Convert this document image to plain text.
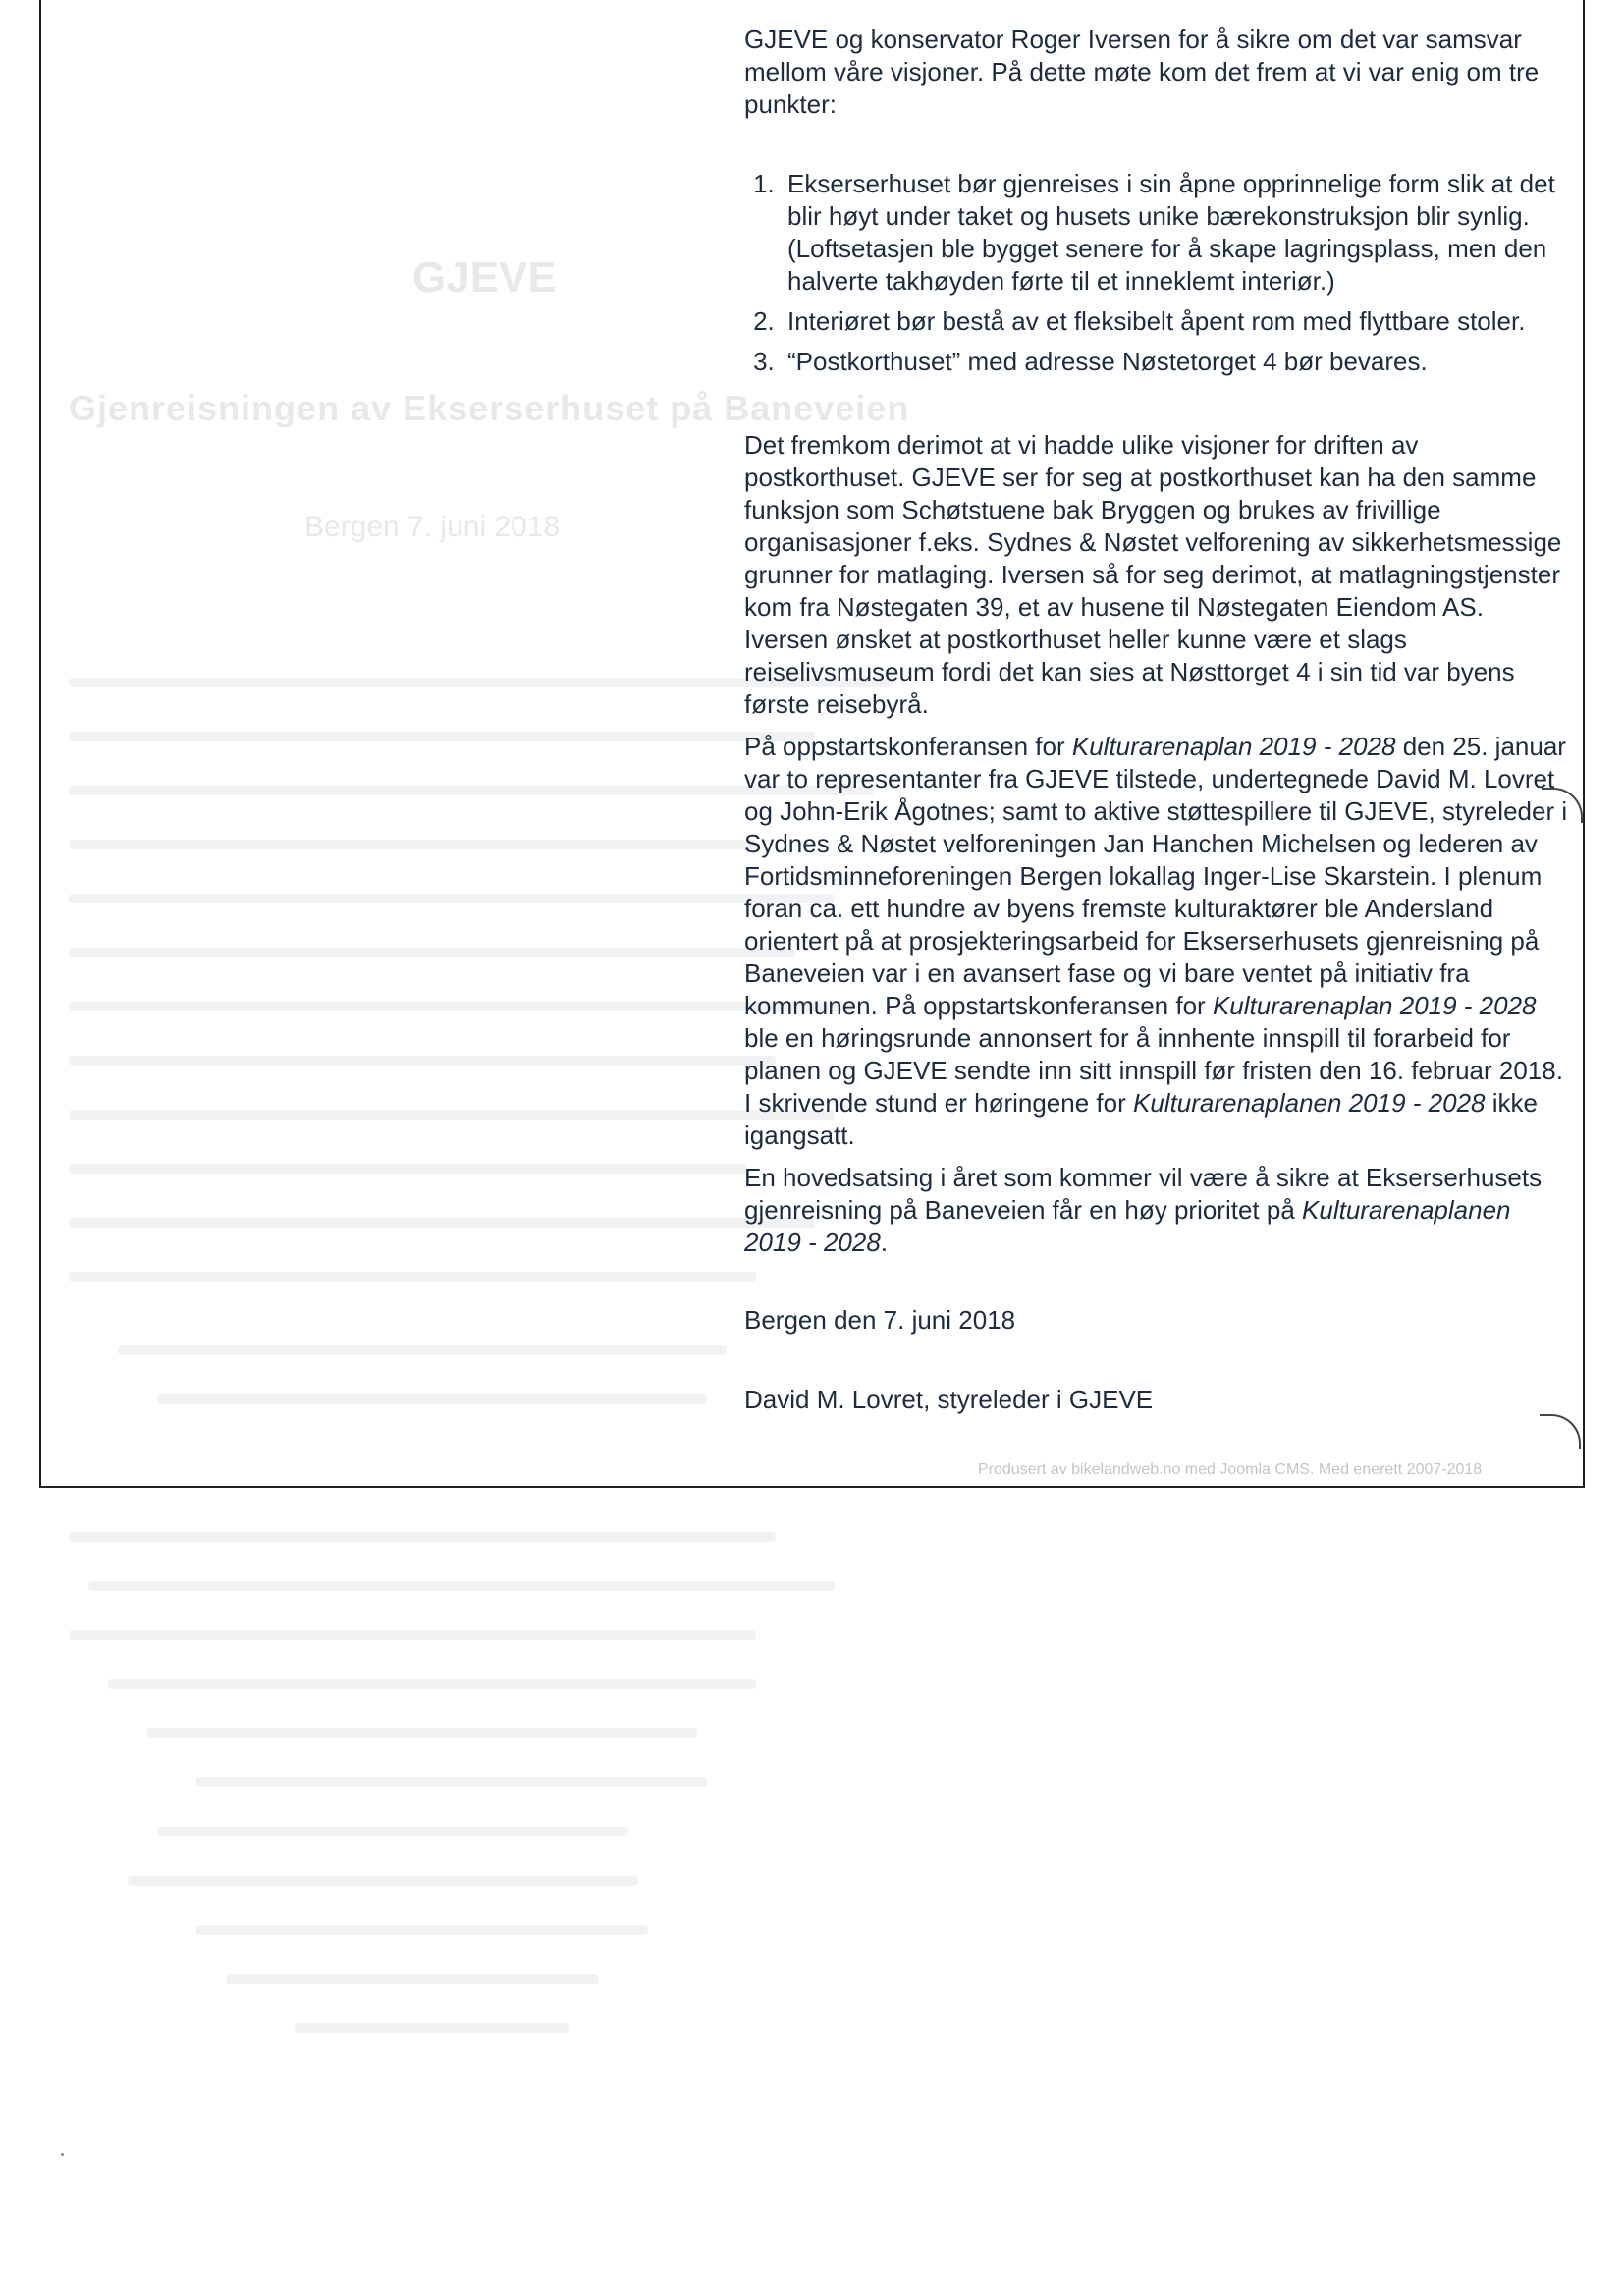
GJEVE
Gjenreisningen av Ekserserhuset på Baneveien
Bergen 7. juni 2018

GJEVE og konservator Roger Iversen for å sikre om det var samsvar mellom våre visjoner. På dette møte kom det frem at vi var enig om tre punkter:

1. Ekserserhuset bør gjenreises i sin åpne opprinnelige form slik at det blir høyt under taket og husets unike bærekonstruksjon blir synlig. (Loftsetasjen ble bygget senere for å skape lagringsplass, men den halverte takhøyden førte til et inneklemt interiør.)
2. Interiøret bør bestå av et fleksibelt åpent rom med flyttbare stoler.
3. “Postkorthuset” med adresse Nøstetorget 4 bør bevares.

Det fremkom derimot at vi hadde ulike visjoner for driften av postkorthuset. GJEVE ser for seg at postkorthuset kan ha den samme funksjon som Schøtstuene bak Bryggen og brukes av frivillige organisasjoner f.eks. Sydnes & Nøstet velforening av sikkerhetsmessige grunner for matlaging. Iversen så for seg derimot, at matlagningstjenster kom fra Nøstegaten 39, et av husene til Nøstegaten Eiendom AS. Iversen ønsket at postkorthuset heller kunne være et slags reiselivsmuseum fordi det kan sies at Nøsttorget 4 i sin tid var byens første reisebyrå.

På oppstartskonferansen for Kulturarenaplan 2019 - 2028 den 25. januar var to representanter fra GJEVE tilstede, undertegnede David M. Lovret og John-Erik Ågotnes; samt to aktive støttespillere til GJEVE, styreleder i Sydnes & Nøstet velforeningen Jan Hanchen Michelsen og lederen av Fortidsminneforeningen Bergen lokallag Inger-Lise Skarstein. I plenum foran ca. ett hundre av byens fremste kulturaktører ble Andersland orientert på at prosjekteringsarbeid for Ekserserhusets gjenreisning på Baneveien var i en avansert fase og vi bare ventet på initiativ fra kommunen. På oppstartskonferansen for Kulturarenaplan 2019 - 2028 ble en høringsrunde annonsert for å innhente innspill til forarbeid for planen og GJEVE sendte inn sitt innspill før fristen den 16. februar 2018. I skrivende stund er høringene for Kulturarenaplanen 2019 - 2028 ikke igangsatt.

En hovedsatsing i året som kommer vil være å sikre at Ekserserhusets gjenreisning på Baneveien får en høy prioritet på Kulturarenaplanen 2019 - 2028.

Bergen den 7. juni 2018

David M. Lovret, styreleder i GJEVE

Produsert av bikelandweb.no med Joomla CMS. Med enerett 2007-2018
